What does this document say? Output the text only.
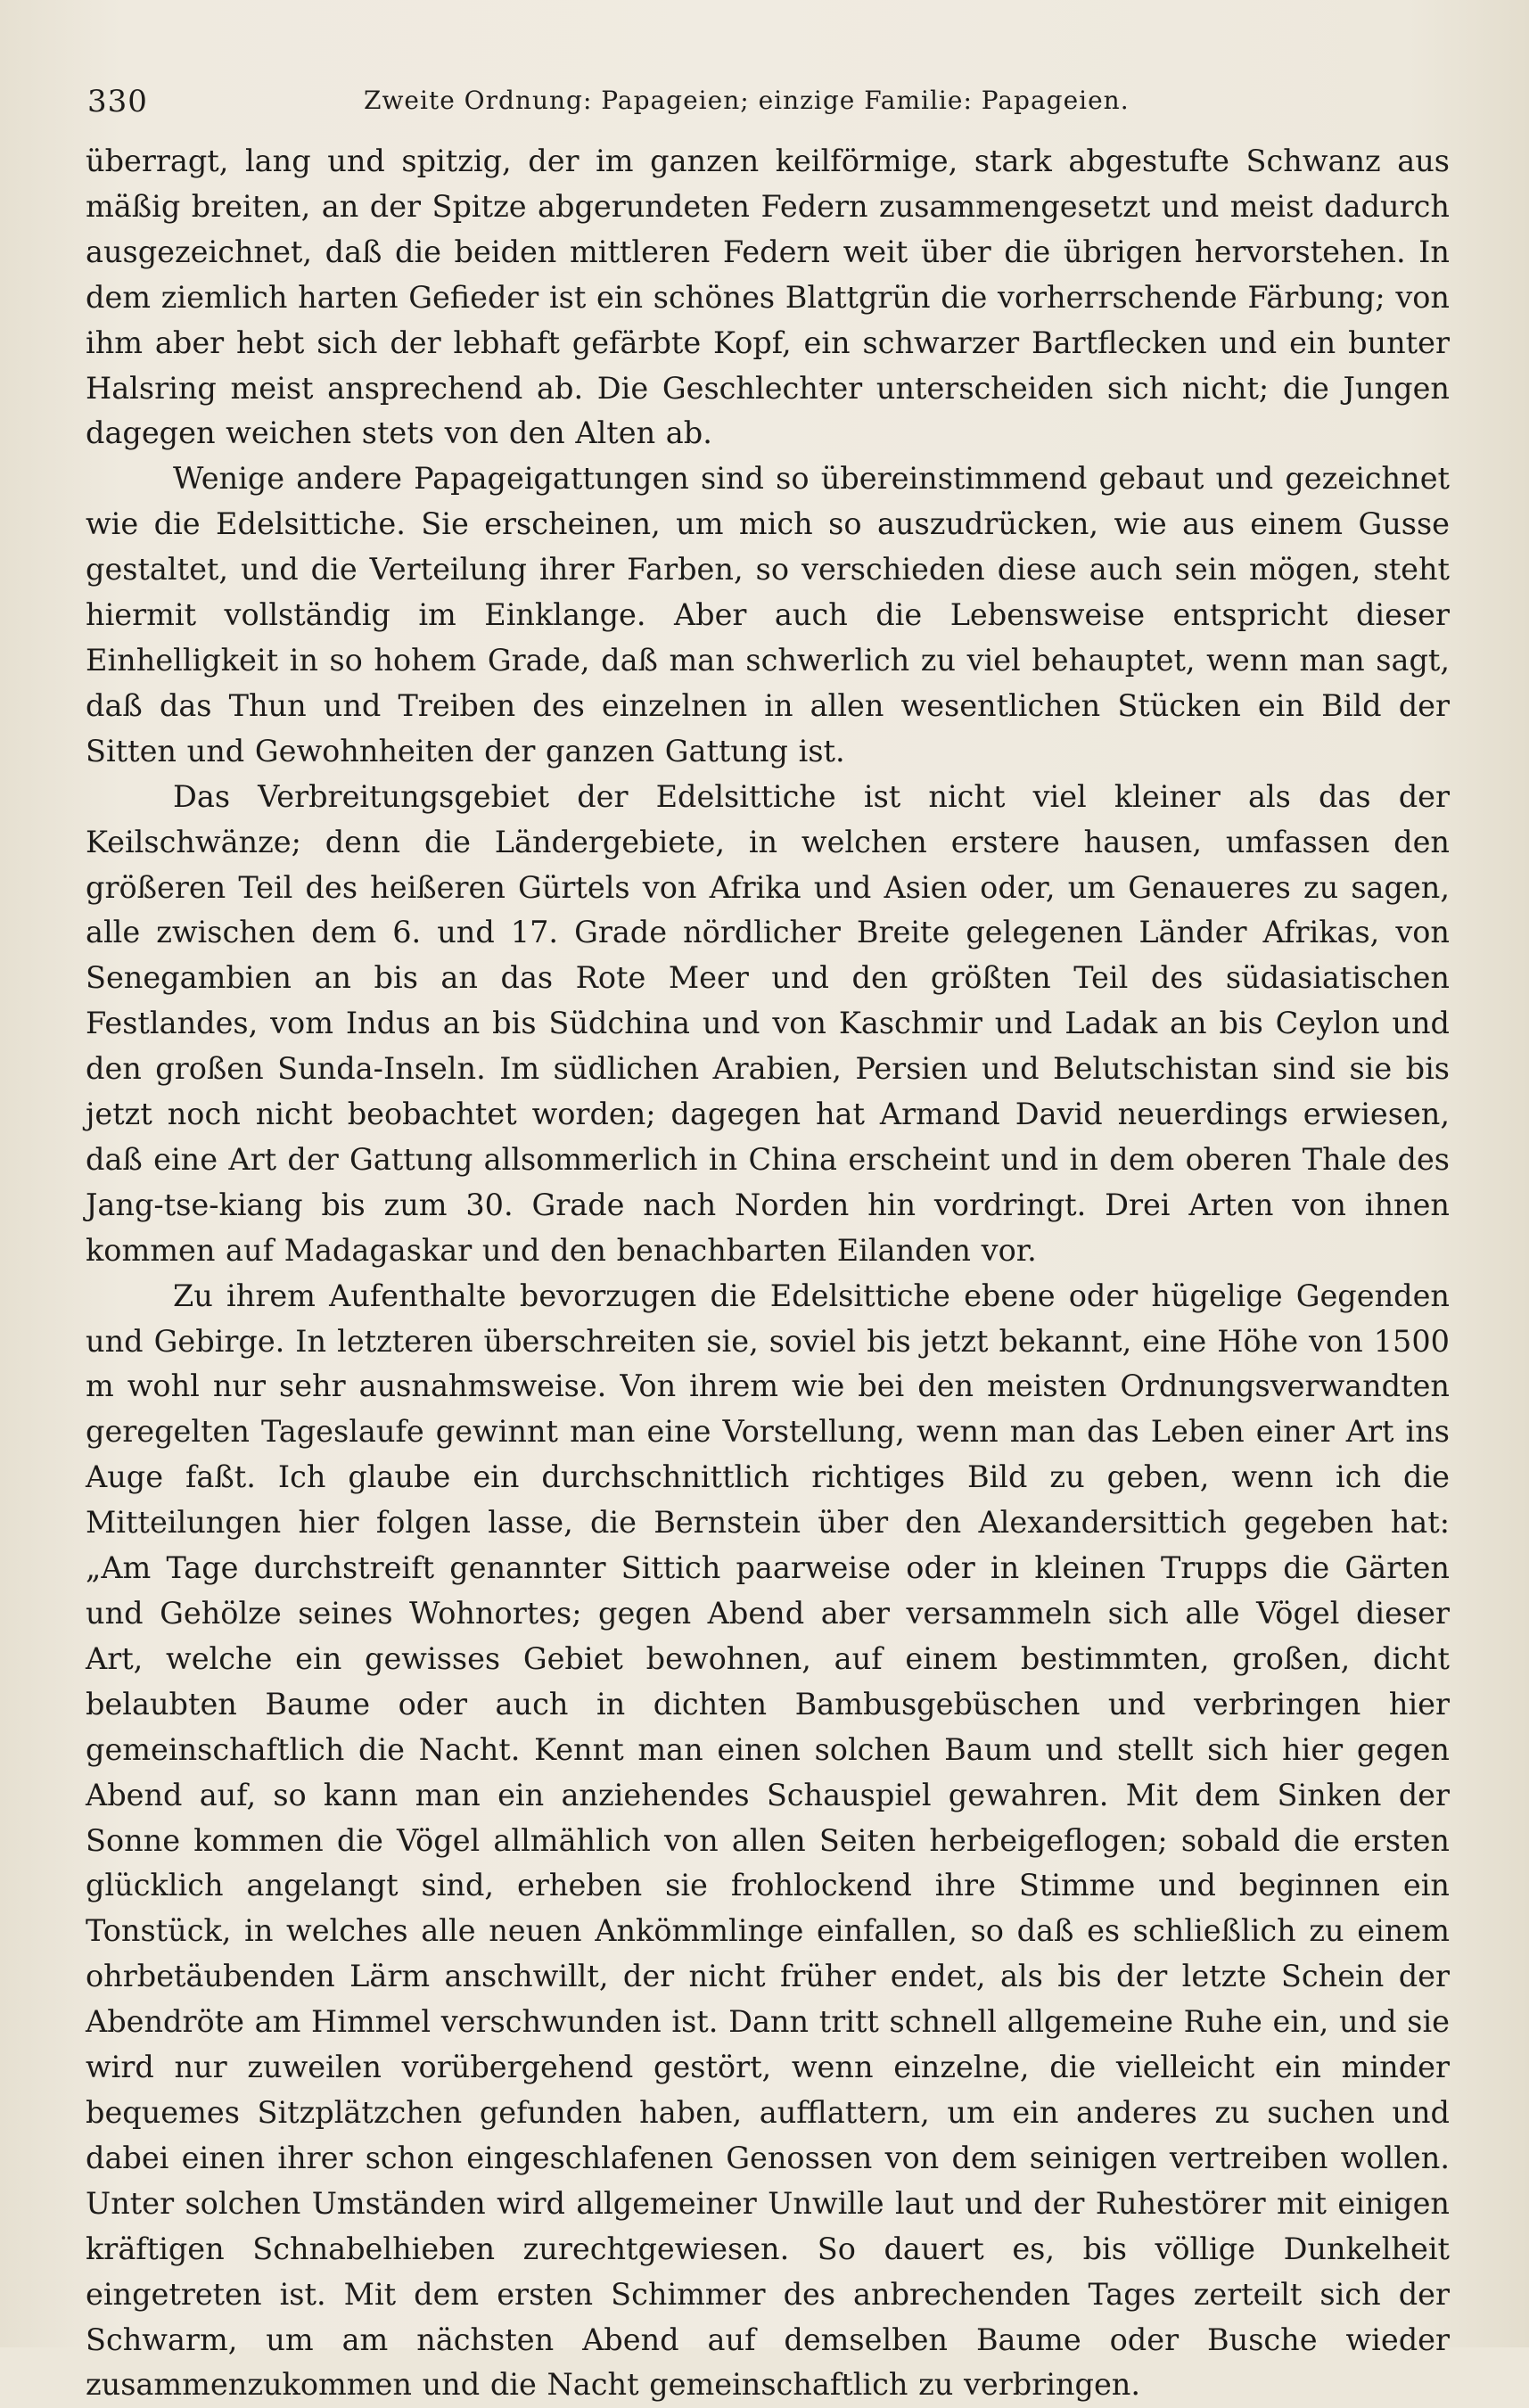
330	Zweite Ordnung: Papageien; einzige Familie: Papageien.

überragt, lang und spitzig, der im ganzen keilförmige, stark abgestufte Schwanz aus mäßig breiten, an der Spitze abgerundeten Federn zusammengesetzt und meist dadurch ausgezeichnet, daß die beiden mittleren Federn weit über die übrigen hervorstehen. In dem ziemlich harten Gefieder ist ein schönes Blattgrün die vorherrschende Färbung; von ihm aber hebt sich der lebhaft gefärbte Kopf, ein schwarzer Bartflecken und ein bunter Halsring meist ansprechend ab. Die Geschlechter unterscheiden sich nicht; die Jungen dagegen weichen stets von den Alten ab.

Wenige andere Papageigattungen sind so übereinstimmend gebaut und gezeichnet wie die Edelsittiche. Sie erscheinen, um mich so auszudrücken, wie aus einem Gusse gestaltet, und die Verteilung ihrer Farben, so verschieden diese auch sein mögen, steht hiermit vollständig im Einklange. Aber auch die Lebensweise entspricht dieser Einhelligkeit in so hohem Grade, daß man schwerlich zu viel behauptet, wenn man sagt, daß das Thun und Treiben des einzelnen in allen wesentlichen Stücken ein Bild der Sitten und Gewohnheiten der ganzen Gattung ist.

Das Verbreitungsgebiet der Edelsittiche ist nicht viel kleiner als das der Keilschwänze; denn die Ländergebiete, in welchen erstere hausen, umfassen den größeren Teil des heißeren Gürtels von Afrika und Asien oder, um Genaueres zu sagen, alle zwischen dem 6. und 17. Grade nördlicher Breite gelegenen Länder Afrikas, von Senegambien an bis an das Rote Meer und den größten Teil des südasiatischen Festlandes, vom Indus an bis Südchina und von Kaschmir und Ladak an bis Ceylon und den großen Sunda-Inseln. Im südlichen Arabien, Persien und Belutschistan sind sie bis jetzt noch nicht beobachtet worden; dagegen hat Armand David neuerdings erwiesen, daß eine Art der Gattung allsommerlich in China erscheint und in dem oberen Thale des Jang-tse-kiang bis zum 30. Grade nach Norden hin vordringt. Drei Arten von ihnen kommen auf Madagaskar und den benachbarten Eilanden vor.

Zu ihrem Aufenthalte bevorzugen die Edelsittiche ebene oder hügelige Gegenden und Gebirge. In letzteren überschreiten sie, soviel bis jetzt bekannt, eine Höhe von 1500 m wohl nur sehr ausnahmsweise. Von ihrem wie bei den meisten Ordnungsverwandten geregelten Tageslaufe gewinnt man eine Vorstellung, wenn man das Leben einer Art ins Auge faßt. Ich glaube ein durchschnittlich richtiges Bild zu geben, wenn ich die Mitteilungen hier folgen lasse, die Bernstein über den Alexandersittich gegeben hat: „Am Tage durchstreift genannter Sittich paarweise oder in kleinen Trupps die Gärten und Gehölze seines Wohnortes; gegen Abend aber versammeln sich alle Vögel dieser Art, welche ein gewisses Gebiet bewohnen, auf einem bestimmten, großen, dicht belaubten Baume oder auch in dichten Bambusgebüschen und verbringen hier gemeinschaftlich die Nacht. Kennt man einen solchen Baum und stellt sich hier gegen Abend auf, so kann man ein anziehendes Schauspiel gewahren. Mit dem Sinken der Sonne kommen die Vögel allmählich von allen Seiten herbeigeflogen; sobald die ersten glücklich angelangt sind, erheben sie frohlockend ihre Stimme und beginnen ein Tonstück, in welches alle neuen Ankömmlinge einfallen, so daß es schließlich zu einem ohrbetäubenden Lärm anschwillt, der nicht früher endet, als bis der letzte Schein der Abendröte am Himmel verschwunden ist. Dann tritt schnell allgemeine Ruhe ein, und sie wird nur zuweilen vorübergehend gestört, wenn einzelne, die vielleicht ein minder bequemes Sitzplätzchen gefunden haben, aufflattern, um ein anderes zu suchen und dabei einen ihrer schon eingeschlafenen Genossen von dem seinigen vertreiben wollen. Unter solchen Umständen wird allgemeiner Unwille laut und der Ruhestörer mit einigen kräftigen Schnabelhieben zurechtgewiesen. So dauert es, bis völlige Dunkelheit eingetreten ist. Mit dem ersten Schimmer des anbrechenden Tages zerteilt sich der Schwarm, um am nächsten Abend auf demselben Baume oder Busche wieder zusammenzukommen und die Nacht gemeinschaftlich zu verbringen.
